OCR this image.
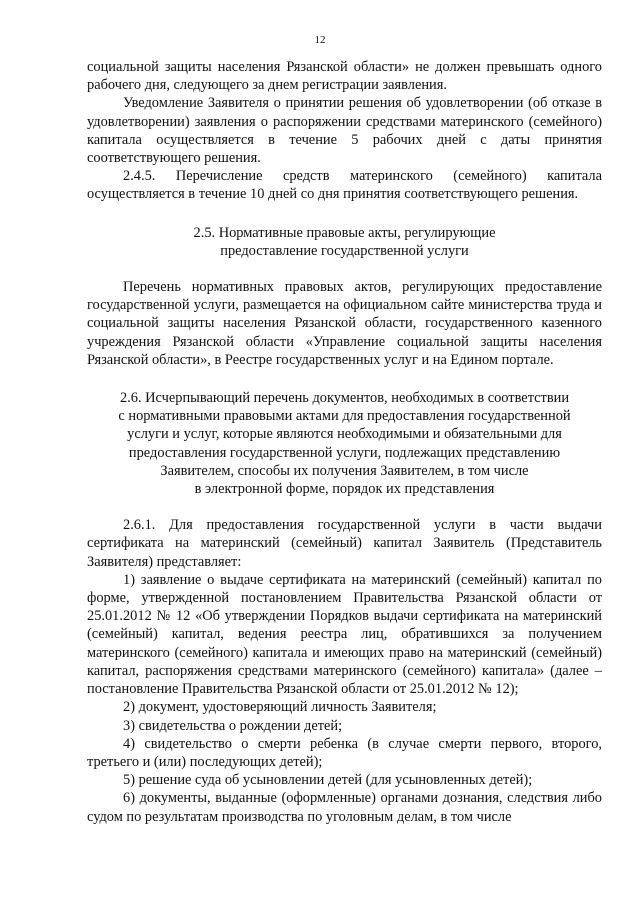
12

социальной защиты населения Рязанской области» не должен превышать одного рабочего дня, следующего за днем регистрации заявления.

Уведомление Заявителя о принятии решения об удовлетворении (об отказе в удовлетворении) заявления о распоряжении средствами материнского (семейного) капитала осуществляется в течение 5 рабочих дней с даты принятия соответствующего решения.

2.4.5. Перечисление средств материнского (семейного) капитала осуществляется в течение 10 дней со дня принятия соответствующего решения.

2.5. Нормативные правовые акты, регулирующие

предоставление государственной услуги

Перечень нормативных правовых актов, регулирующих предоставление государственной услуги, размещается на официальном сайте министерства труда и социальной защиты населения Рязанской области, государственного казенного учреждения Рязанской области «Управление социальной защиты населения Рязанской области», в Реестре государственных услуг и на Едином портале.

2.6. Исчерпывающий перечень документов, необходимых в соответствии

с нормативными правовыми актами для предоставления государственной

услуги и услуг, которые являются необходимыми и обязательными для

предоставления государственной услуги, подлежащих представлению

Заявителем, способы их получения Заявителем, в том числе

в электронной форме, порядок их представления

2.6.1. Для предоставления государственной услуги в части выдачи сертификата на материнский (семейный) капитал Заявитель (Представитель Заявителя) представляет:

1) заявление о выдаче сертификата на материнский (семейный) капитал по форме, утвержденной постановлением Правительства Рязанской области от 25.01.2012 № 12 «Об утверждении Порядков выдачи сертификата на материнский (семейный) капитал, ведения реестра лиц, обратившихся за получением материнского (семейного) капитала и имеющих право на материнский (семейный) капитал, распоряжения средствами материнского (семейного) капитала» (далее – постановление Правительства Рязанской области от 25.01.2012 № 12);

2) документ, удостоверяющий личность Заявителя;

3) свидетельства о рождении детей;

4) свидетельство о смерти ребенка (в случае смерти первого, второго, третьего и (или) последующих детей);

5) решение суда об усыновлении детей (для усыновленных детей);

6) документы, выданные (оформленные) органами дознания, следствия либо судом по результатам производства по уголовным делам, в том числе
